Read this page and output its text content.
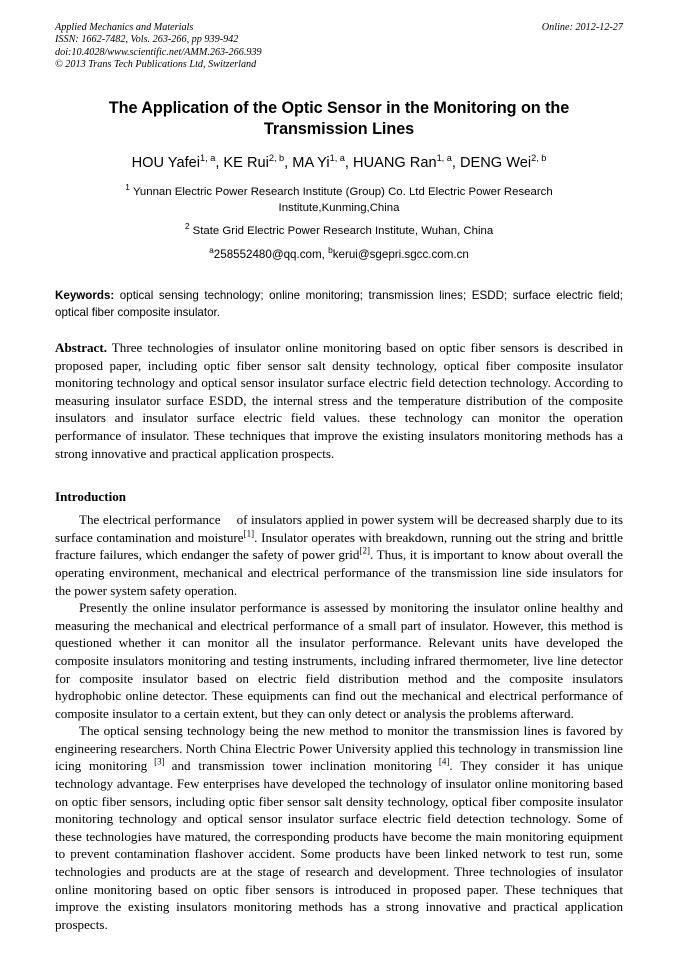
Applied Mechanics and Materials
ISSN: 1662-7482, Vols. 263-266, pp 939-942
doi:10.4028/www.scientific.net/AMM.263-266.939
© 2013 Trans Tech Publications Ltd, Switzerland
Online: 2012-12-27
The Application of the Optic Sensor in the Monitoring on the Transmission Lines
HOU Yafei$^{1, a}$, KE Rui$^{2, b}$, MA Yi$^{1, a}$, HUANG Ran$^{1, a}$, DENG Wei$^{2, b}$
$^1$ Yunnan Electric Power Research Institute (Group) Co. Ltd Electric Power Research Institute,Kunming,China
$^2$ State Grid Electric Power Research Institute, Wuhan, China
$^a$258552480@qq.com, $^b$kerui@sgepri.sgcc.com.cn
Keywords: optical sensing technology; online monitoring; transmission lines; ESDD; surface electric field; optical fiber composite insulator.
Abstract. Three technologies of insulator online monitoring based on optic fiber sensors is described in proposed paper, including optic fiber sensor salt density technology, optical fiber composite insulator monitoring technology and optical sensor insulator surface electric field detection technology. According to measuring insulator surface ESDD, the internal stress and the temperature distribution of the composite insulators and insulator surface electric field values. these technology can monitor the operation performance of insulator. These techniques that improve the existing insulators monitoring methods has a strong innovative and practical application prospects.
Introduction

The electrical performance of insulators applied in power system will be decreased sharply due to its surface contamination and moisture[1]. Insulator operates with breakdown, running out the string and brittle fracture failures, which endanger the safety of power grid[2]. Thus, it is important to know about overall the operating environment, mechanical and electrical performance of the transmission line side insulators for the power system safety operation.

Presently the online insulator performance is assessed by monitoring the insulator online healthy and measuring the mechanical and electrical performance of a small part of insulator. However, this method is questioned whether it can monitor all the insulator performance. Relevant units have developed the composite insulators monitoring and testing instruments, including infrared thermometer, live line detector for composite insulator based on electric field distribution method and the composite insulators hydrophobic online detector. These equipments can find out the mechanical and electrical performance of composite insulator to a certain extent, but they can only detect or analysis the problems afterward.

The optical sensing technology being the new method to monitor the transmission lines is favored by engineering researchers. North China Electric Power University applied this technology in transmission line icing monitoring [3] and transmission tower inclination monitoring [4]. They consider it has unique technology advantage. Few enterprises have developed the technology of insulator online monitoring based on optic fiber sensors, including optic fiber sensor salt density technology, optical fiber composite insulator monitoring technology and optical sensor insulator surface electric field detection technology. Some of these technologies have matured, the corresponding products have become the main monitoring equipment to prevent contamination flashover accident. Some products have been linked network to test run, some technologies and products are at the stage of research and development. Three technologies of insulator online monitoring based on optic fiber sensors is introduced in proposed paper. These techniques that improve the existing insulators monitoring methods has a strong innovative and practical application prospects.
